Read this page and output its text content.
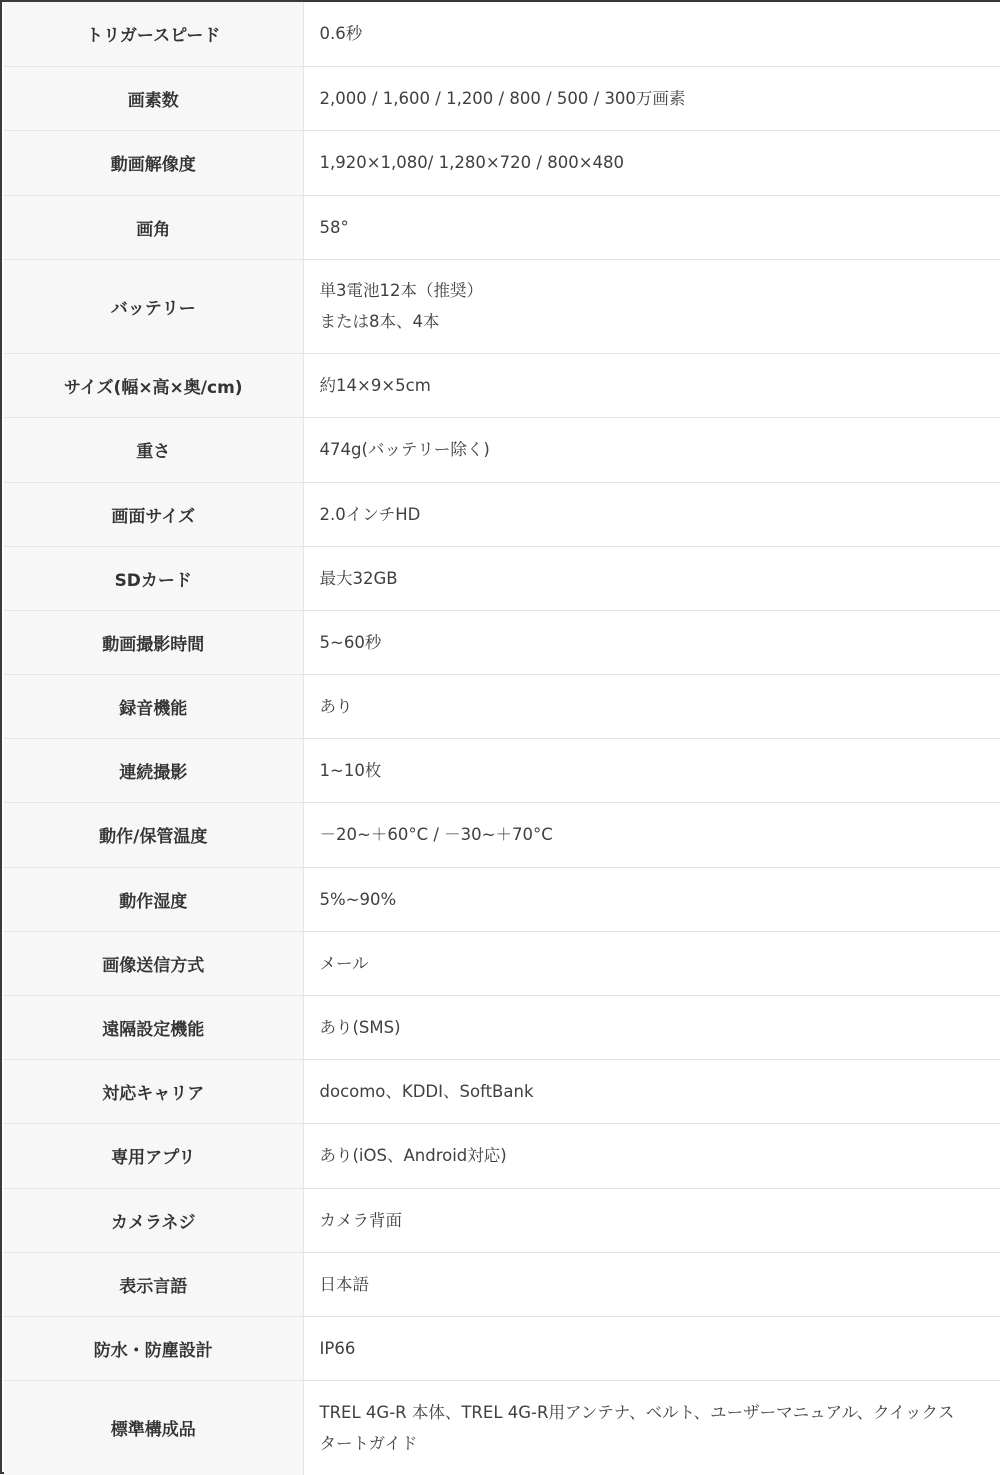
トリガースピード	0.6秒
画素数	2,000 / 1,600 / 1,200 / 800 / 500 / 300万画素
動画解像度	1,920×1,080/ 1,280×720 / 800×480
画角	58°
バッテリー	単3電池12本（推奨）
または8本、4本
サイズ(幅×高×奥/cm)	約14×9×5cm
重さ	474g(バッテリー除く)
画面サイズ	2.0インチHD
SDカード	最大32GB
動画撮影時間	5~60秒
録音機能	あり
連続撮影	1~10枚
動作/保管温度	－20~＋60°C / －30~＋70°C
動作湿度	5%~90%
画像送信方式	メール
遠隔設定機能	あり(SMS)
対応キャリア	docomo、KDDI、SoftBank
専用アプリ	あり(iOS、Android対応)
カメラネジ	カメラ背面
表示言語	日本語
防水・防塵設計	IP66
標準構成品	TREL 4G-R 本体、TREL 4G-R用アンテナ、ベルト、ユーザーマニュアル、クイックスタートガイド
